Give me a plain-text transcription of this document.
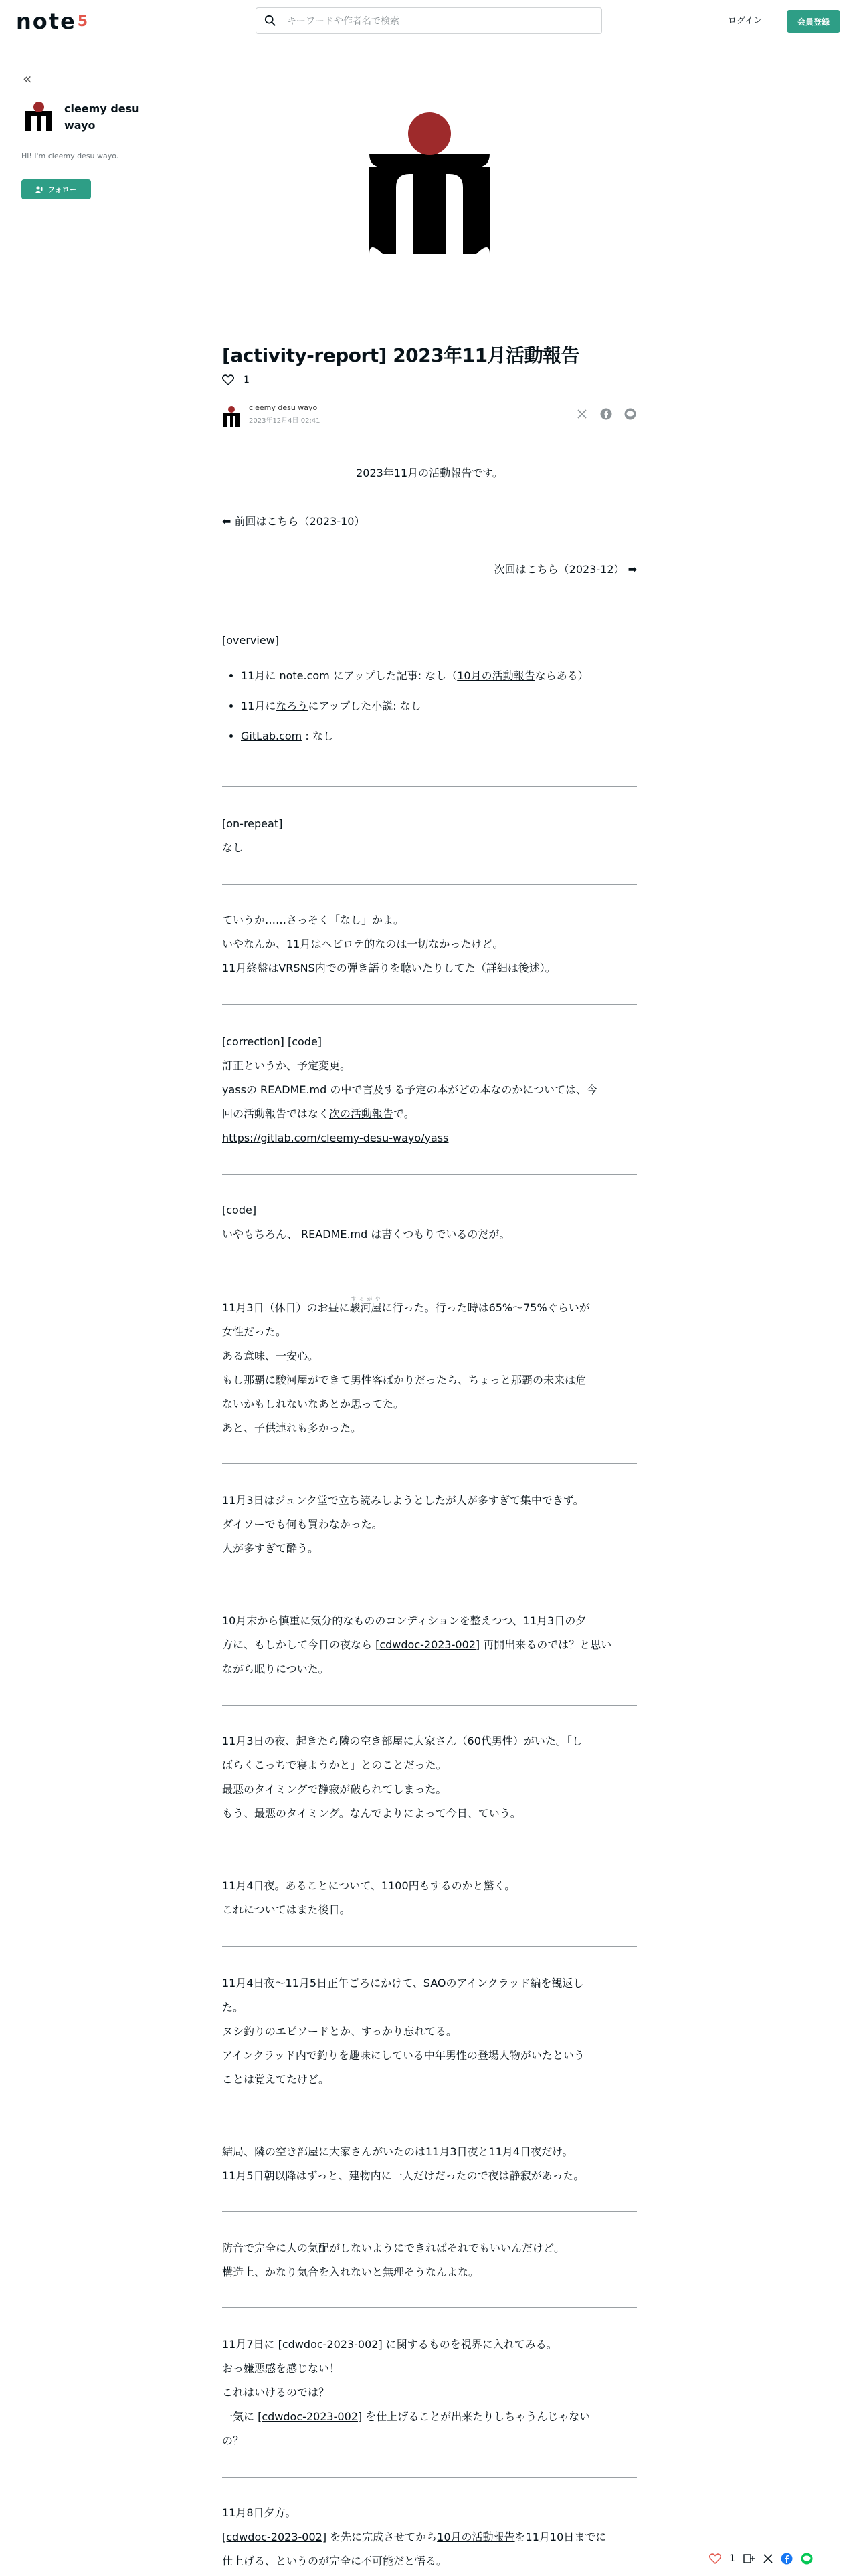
note 5
キーワードや作者名で検索	ログイン	会員登録
«
cleemy desu wayo
Hi! I'm cleemy desu wayo.
フォロー
[activity-report] 2023年11月活動報告
1
cleemy desu wayo
2023年12月4日 02:41

2023年11月の活動報告です。

⬅ 前回はこちら（2023-10）

次回はこちら（2023-12） ➡

[overview]

• 11月に note.com にアップした記事: なし（10月の活動報告ならある）
• 11月になろうにアップした小説: なし
• GitLab.com : なし

[on-repeat]

なし

ていうか……さっそく「なし」かよ。

いやなんか、11月はヘビロテ的なのは一切なかったけど。

11月終盤はVRSNS内での弾き語りを聴いたりしてた（詳細は後述）。

[correction] [code]

訂正というか、予定変更。

yassの README.md の中で言及する予定の本がどの本なのかについては、今

回の活動報告ではなく次の活動報告で。

https://gitlab.com/cleemy-desu-wayo/yass

[code]

いやもちろん、 README.md は書くつもりでいるのだが。

11月3日（休日）のお昼に駿河屋するがやに行った。行った時は65%〜75%ぐらいが

女性だった。

ある意味、一安心。

もし那覇に駿河屋ができて男性客ばかりだったら、ちょっと那覇の未来は危

ないかもしれないなあとか思ってた。

あと、子供連れも多かった。

11月3日はジュンク堂で立ち読みしようとしたが人が多すぎて集中できず。

ダイソーでも何も買わなかった。

人が多すぎて酔う。

10月末から慎重に気分的なもののコンディションを整えつつ、11月3日の夕

方に、もしかして今日の夜なら [cdwdoc-2023-002] 再開出来るのでは？と思い

ながら眠りについた。

11月3日の夜、起きたら隣の空き部屋に大家さん（60代男性）がいた。「し

ばらくこっちで寝ようかと」とのことだった。

最悪のタイミングで静寂が破られてしまった。

もう、最悪のタイミング。なんでよりによって今日、ていう。

11月4日夜。あることについて、1100円もするのかと驚く。

これについてはまた後日。

11月4日夜〜11月5日正午ごろにかけて、SAOのアインクラッド編を観返し

た。

ヌシ釣りのエピソードとか、すっかり忘れてる。

アインクラッド内で釣りを趣味にしている中年男性の登場人物がいたという

ことは覚えてたけど。

結局、隣の空き部屋に大家さんがいたのは11月3日夜と11月4日夜だけ。

11月5日朝以降はずっと、建物内に一人だけだったので夜は静寂があった。

防音で完全に人の気配がしないようにできればそれでもいいんだけど。

構造上、かなり気合を入れないと無理そうなんよな。

11月7日に [cdwdoc-2023-002] に関するものを視界に入れてみる。

おっ嫌悪感を感じない！

これはいけるのでは？

一気に [cdwdoc-2023-002] を仕上げることが出来たりしちゃうんじゃない

の？

11月8日夕方。

[cdwdoc-2023-002] を先に完成させてから10月の活動報告を11月10日までに

仕上げる、というのが完全に不可能だと悟る。	1
